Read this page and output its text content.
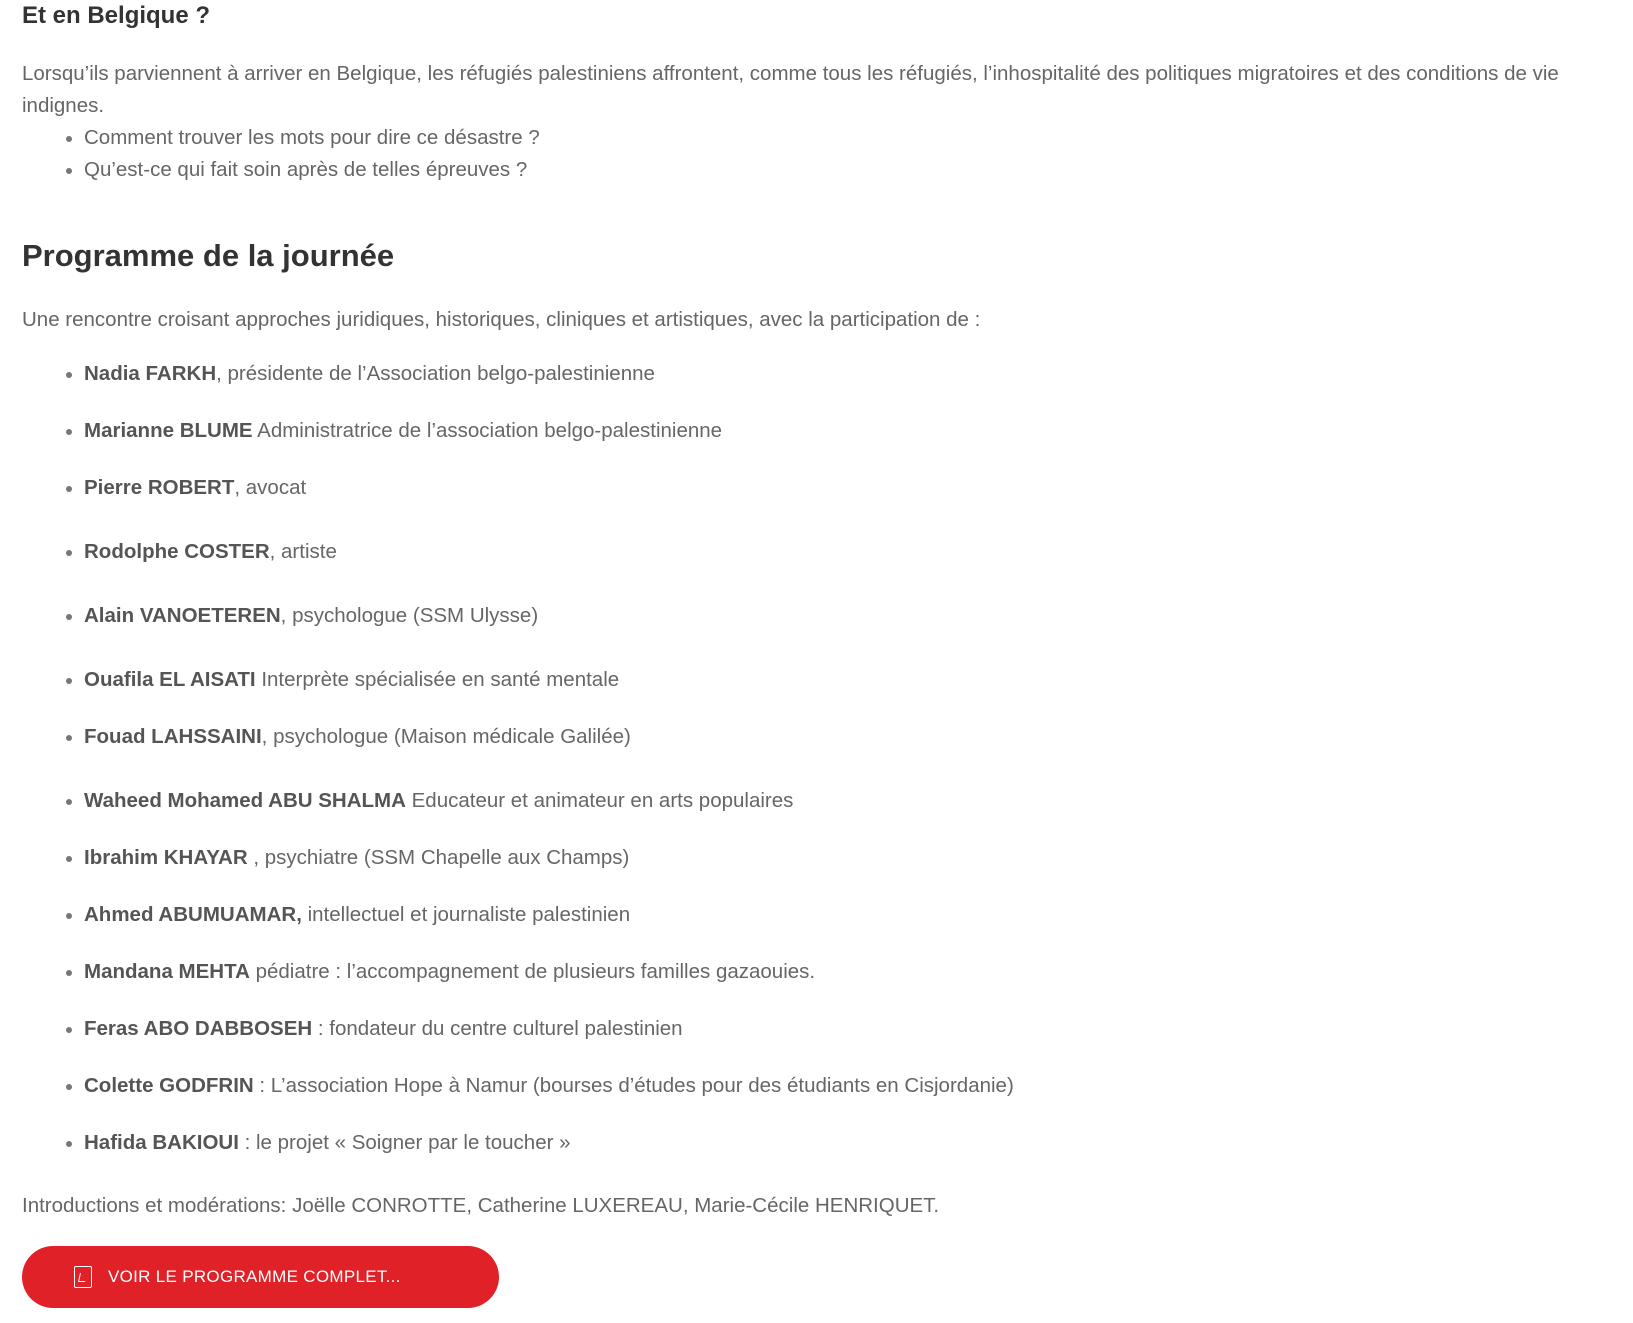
Et en Belgique ?

Lorsqu’ils parviennent à arriver en Belgique, les réfugiés palestiniens affrontent, comme tous les réfugiés, l’inhospitalité des politiques migratoires et des conditions de vie indignes.

Comment trouver les mots pour dire ce désastre ?
Qu’est-ce qui fait soin après de telles épreuves ?
Programme de la journée

Une rencontre croisant approches juridiques, historiques, cliniques et artistiques, avec la participation de :

Nadia FARKH, présidente de l’Association belgo-palestinienne
Marianne BLUME Administratrice de l’association belgo-palestinienne
Pierre ROBERT, avocat
Rodolphe COSTER, artiste
Alain VANOETEREN, psychologue (SSM Ulysse)
Ouafila EL AISATI Interprète spécialisée en santé mentale
Fouad LAHSSAINI, psychologue (Maison médicale Galilée)
Waheed Mohamed ABU SHALMA Educateur et animateur en arts populaires
Ibrahim KHAYAR , psychiatre (SSM Chapelle aux Champs)
Ahmed ABUMUAMAR, intellectuel et journaliste palestinien
Mandana MEHTA pédiatre : l’accompagnement de plusieurs familles gazaouies.
Feras ABO DABBOSEH : fondateur du centre culturel palestinien
Colette GODFRIN : L’association Hope à Namur (bourses d’études pour des étudiants en Cisjordanie)
Hafida BAKIOUI : le projet « Soigner par le toucher »

Introductions et modérations: Joëlle CONROTTE, Catherine LUXEREAU, Marie-Cécile HENRIQUET.

VOIR LE PROGRAMME COMPLET...
